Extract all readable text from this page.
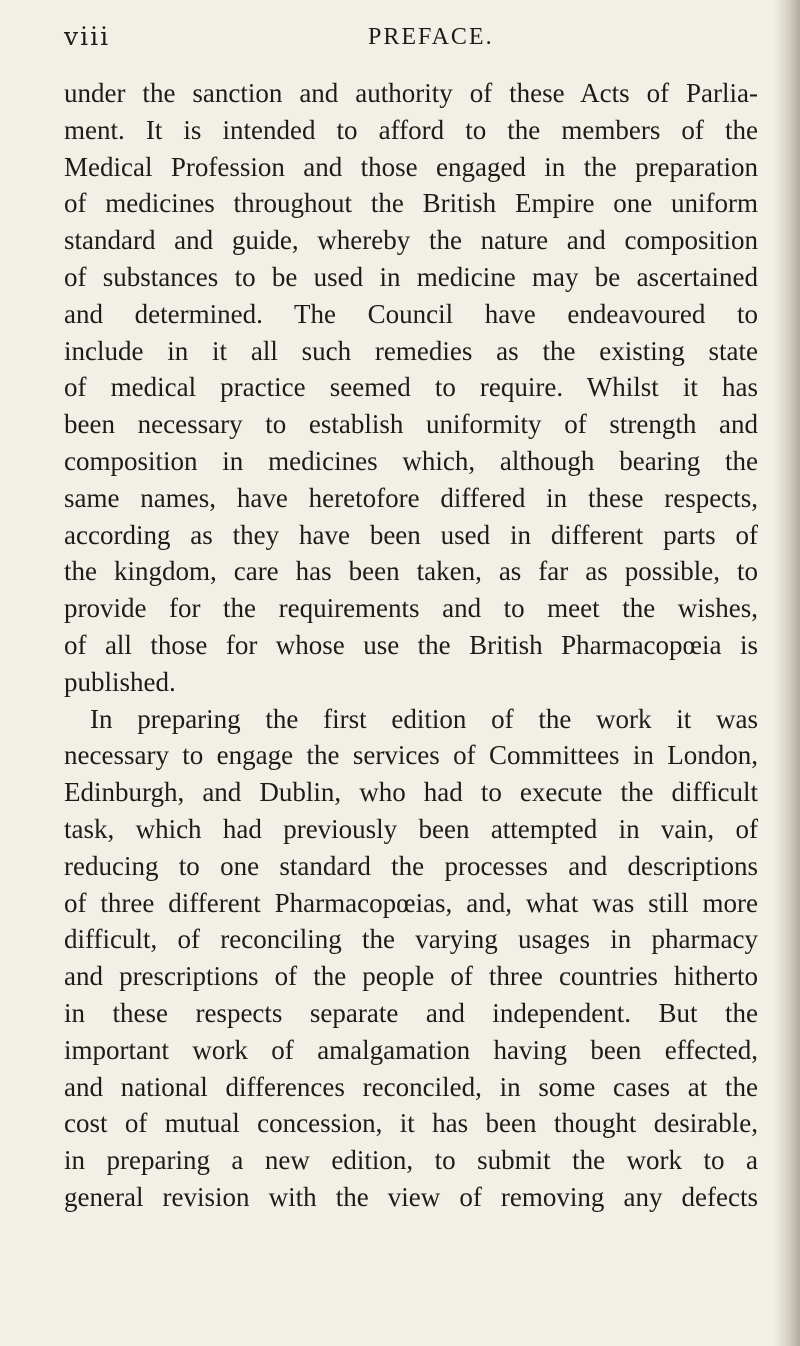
viii	PREFACE.
under the sanction and authority of these Acts of Parlia-
ment. It is intended to afford to the members of the
Medical Profession and those engaged in the preparation
of medicines throughout the British Empire one uniform
standard and guide, whereby the nature and composition
of substances to be used in medicine may be ascertained
and determined. The Council have endeavoured to
include in it all such remedies as the existing state
of medical practice seemed to require. Whilst it has
been necessary to establish uniformity of strength and
composition in medicines which, although bearing the
same names, have heretofore differed in these respects,
according as they have been used in different parts of
the kingdom, care has been taken, as far as possible, to
provide for the requirements and to meet the wishes,
of all those for whose use the British Pharmacopœia is
published.
In preparing the first edition of the work it was
necessary to engage the services of Committees in London,
Edinburgh, and Dublin, who had to execute the difficult
task, which had previously been attempted in vain, of
reducing to one standard the processes and descriptions
of three different Pharmacopœias, and, what was still more
difficult, of reconciling the varying usages in pharmacy
and prescriptions of the people of three countries hitherto
in these respects separate and independent. But the
important work of amalgamation having been effected,
and national differences reconciled, in some cases at the
cost of mutual concession, it has been thought desirable,
in preparing a new edition, to submit the work to a
general revision with the view of removing any defects
